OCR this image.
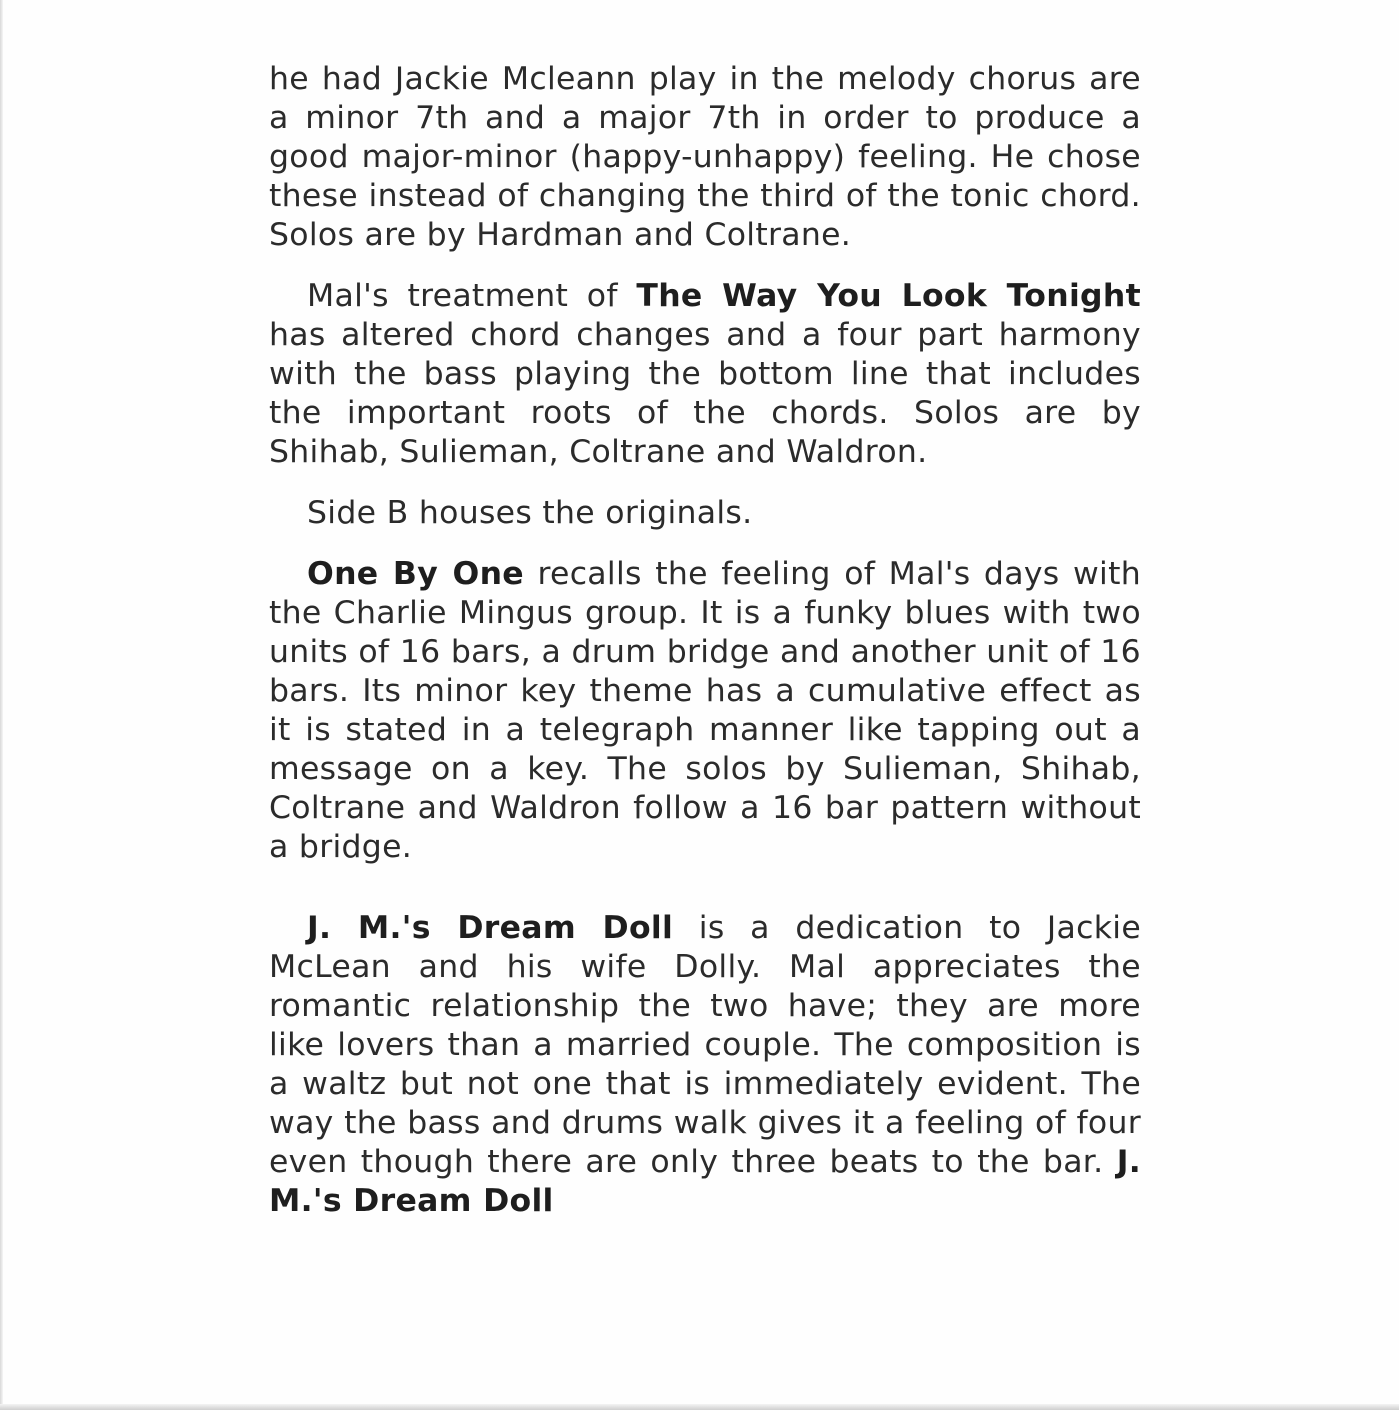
he had Jackie Mcleann play in the melody chorus are a minor 7th and a major 7th in order to produce a good major-minor (happy-unhappy) feeling. He chose these instead of changing the third of the tonic chord. Solos are by Hardman and Coltrane.

Mal's treatment of The Way You Look Tonight has altered chord changes and a four part harmony with the bass playing the bottom line that includes the important roots of the chords. Solos are by Shihab, Sulieman, Coltrane and Waldron.

Side B houses the originals.

One By One recalls the feeling of Mal's days with the Charlie Mingus group. It is a funky blues with two units of 16 bars, a drum bridge and another unit of 16 bars. Its minor key theme has a cumulative effect as it is stated in a telegraph manner like tapping out a message on a key. The solos by Sulieman, Shihab, Coltrane and Waldron follow a 16 bar pattern without a bridge.

J. M.'s Dream Doll is a dedication to Jackie McLean and his wife Dolly. Mal appreciates the romantic relationship the two have; they are more like lovers than a married couple. The composition is a waltz but not one that is immediately evident. The way the bass and drums walk gives it a feeling of four even though there are only three beats to the bar. J. M.'s Dream Doll
